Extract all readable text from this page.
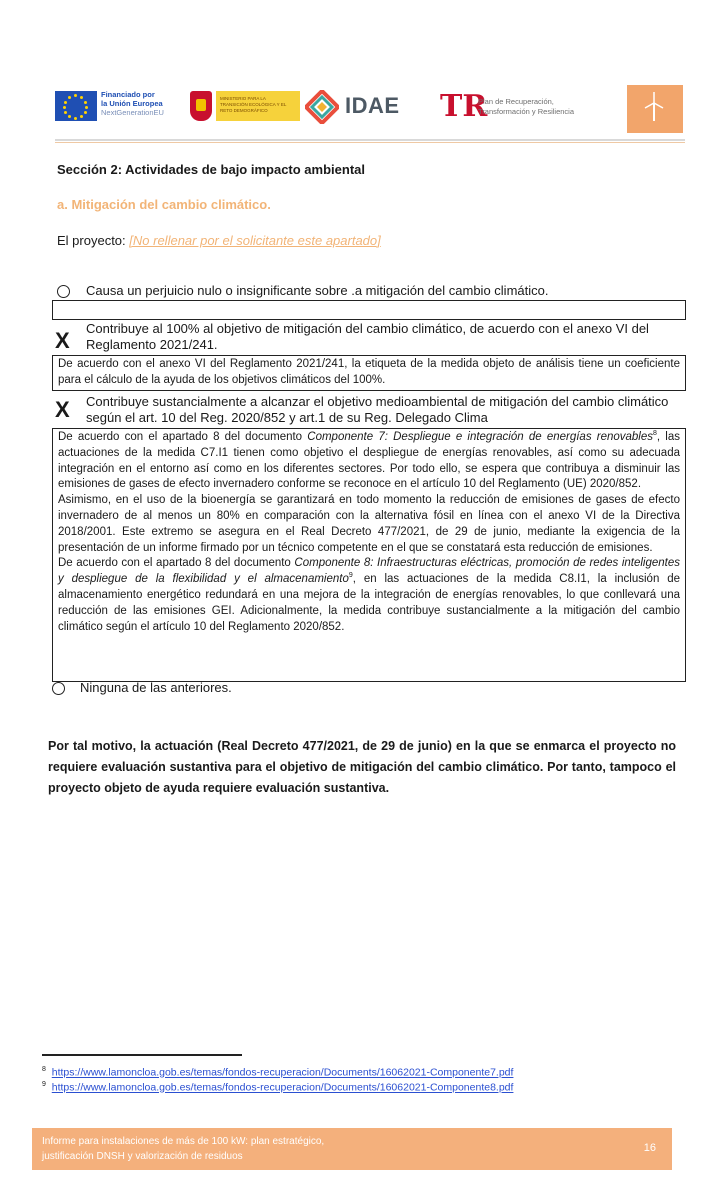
Financiado por
la Unión Europea
NextGenerationEU
MINISTERIO PARA LA TRANSICIÓN ECOLÓGICA Y EL RETO DEMOGRÁFICO	IDAE TR
Plan de Recuperación,
Transformación y Resiliencia
Sección 2: Actividades de bajo impacto ambiental
a. Mitigación del cambio climático.
El proyecto: [No rellenar por el solicitante este apartado]
Causa un perjuicio nulo o insignificante sobre .a mitigación del cambio climático.
X Contribuye al 100% al objetivo de mitigación del cambio climático, de acuerdo con el anexo VI del Reglamento 2021/241.

De acuerdo con el anexo VI del Reglamento 2021/241, la etiqueta de la medida objeto de análisis tiene un coeficiente para el cálculo de la ayuda de los objetivos climáticos del 100%.

X Contribuye sustancialmente a alcanzar el objetivo medioambiental de mitigación del cambio climático según el art. 10 del Reg. 2020/852 y art.1 de su Reg. Delegado Clima

De acuerdo con el apartado 8 del documento Componente 7: Despliegue e integración de energías renovables$^8$, las actuaciones de la medida C7.I1 tienen como objetivo el despliegue de energías renovables, así como su adecuada integración en el entorno así como en los diferentes sectores. Por todo ello, se espera que contribuya a disminuir las emisiones de gases de efecto invernadero conforme se reconoce en el artículo 10 del Reglamento (UE) 2020/852.

Asimismo, en el uso de la bioenergía se garantizará en todo momento la reducción de emisiones de gases de efecto invernadero de al menos un 80% en comparación con la alternativa fósil en línea con el anexo VI de la Directiva 2018/2001. Este extremo se asegura en el Real Decreto 477/2021, de 29 de junio, mediante la exigencia de la presentación de un informe firmado por un técnico competente en el que se constatará esta reducción de emisiones.

De acuerdo con el apartado 8 del documento Componente 8: Infraestructuras eléctricas, promoción de redes inteligentes y despliegue de la flexibilidad y el almacenamiento$^9$, en las actuaciones de la medida C8.I1, la inclusión de almacenamiento energético redundará en una mejora de la integración de energías renovables, lo que conllevará una reducción de las emisiones GEI. Adicionalmente, la medida contribuye sustancialmente a la mitigación del cambio climático según el artículo 10 del Reglamento 2020/852.

Ninguna de las anteriores.
Por tal motivo, la actuación (Real Decreto 477/2021, de 29 de junio) en la que se enmarca el proyecto no requiere evaluación sustantiva para el objetivo de mitigación del cambio climático. Por tanto, tampoco el proyecto objeto de ayuda requiere evaluación sustantiva.
$^8$ https://www.lamoncloa.gob.es/temas/fondos-recuperacion/Documents/16062021-Componente7.pdf
$^9$ https://www.lamoncloa.gob.es/temas/fondos-recuperacion/Documents/16062021-Componente8.pdf
Informe para instalaciones de más de 100 kW: plan estratégico,
justificación DNSH y valorización de residuos
16
